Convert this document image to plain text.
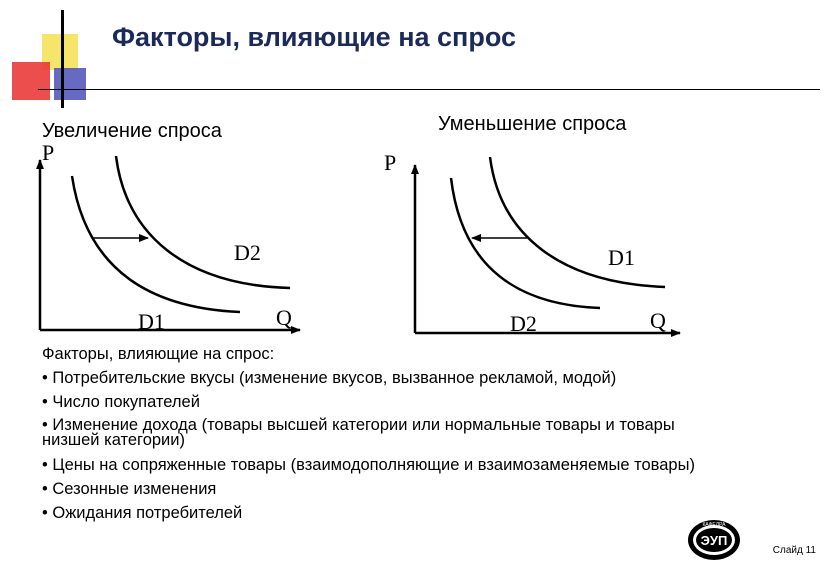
Факторы, влияющие на спрос
Увеличение спроса	Уменьшение спроса
P
Q
D2
D1
P
Q
D1
D2
Факторы, влияющие на спрос:
• Потребительские вкусы (изменение вкусов, вызванное рекламой, модой)
• Число покупателей
• Изменение дохода (товары высшей категории или нормальные товары и товары
низшей категории)
• Цены на сопряженные товары (взаимодополняющие и взаимозаменяемые товары)
• Сезонные изменения
• Ожидания потребителей
ЭУП
КАФЕДРА
Слайд 11
